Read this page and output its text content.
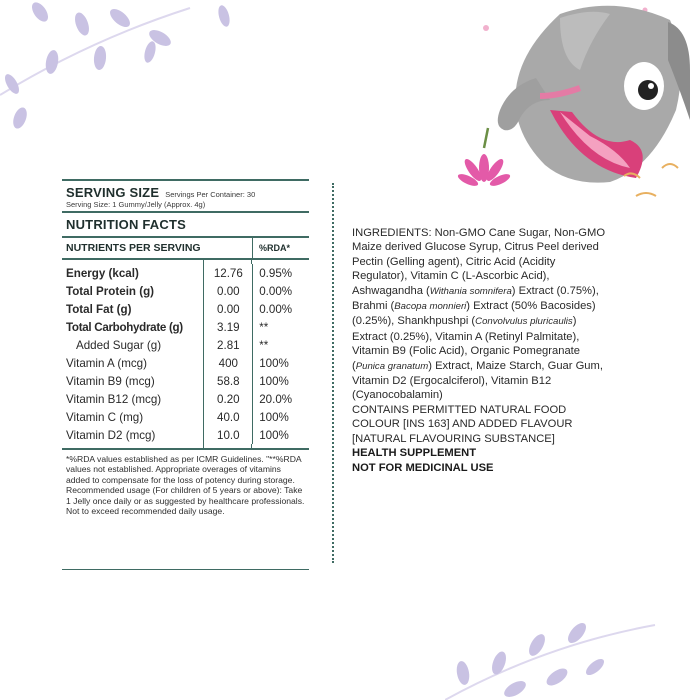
SERVING SIZE Servings Per Container: 30
Serving Size: 1 Gummy/Jelly (Approx. 4g)
NUTRITION FACTS
NUTRIENTS PER SERVING	%RDA*
Energy (kcal)	12.76	0.95%
Total Protein (g)	0.00	0.00%
Total Fat (g)	0.00	0.00%
Total Carbohydrate (g)	3.19	**
Added Sugar (g)	2.81	**
Vitamin A (mcg)	400	100%
Vitamin B9 (mcg)	58.8	100%
Vitamin B12 (mcg)	0.20	20.0%
Vitamin C (mg)	40.0	100%
Vitamin D2 (mcg)	10.0	100%
*%RDA values established as per ICMR Guidelines. "**%RDA values not established. Appropriate overages of vitamins added to compensate for the loss of potency during storage. Recommended usage (For children of 5 years or above): Take 1 Jelly once daily or as suggested by healthcare professionals. Not to exceed recommended daily usage.
INGREDIENTS: Non-GMO Cane Sugar, Non-GMO Maize derived Glucose Syrup, Citrus Peel derived Pectin (Gelling agent), Citric Acid (Acidity Regulator), Vitamin C (L-Ascorbic Acid), Ashwagandha (Withania somnifera) Extract (0.75%), Brahmi (Bacopa monnieri) Extract (50% Bacosides) (0.25%), Shankhpushpi (Convolvulus pluricaulis) Extract (0.25%), Vitamin A (Retinyl Palmitate), Vitamin B9 (Folic Acid), Organic Pomegranate (Punica granatum) Extract, Maize Starch, Guar Gum, Vitamin D2 (Ergocalciferol), Vitamin B12 (Cyanocobalamin)
CONTAINS PERMITTED NATURAL FOOD COLOUR [INS 163] AND ADDED FLAVOUR [NATURAL FLAVOURING SUBSTANCE]
HEALTH SUPPLEMENT
NOT FOR MEDICINAL USE
